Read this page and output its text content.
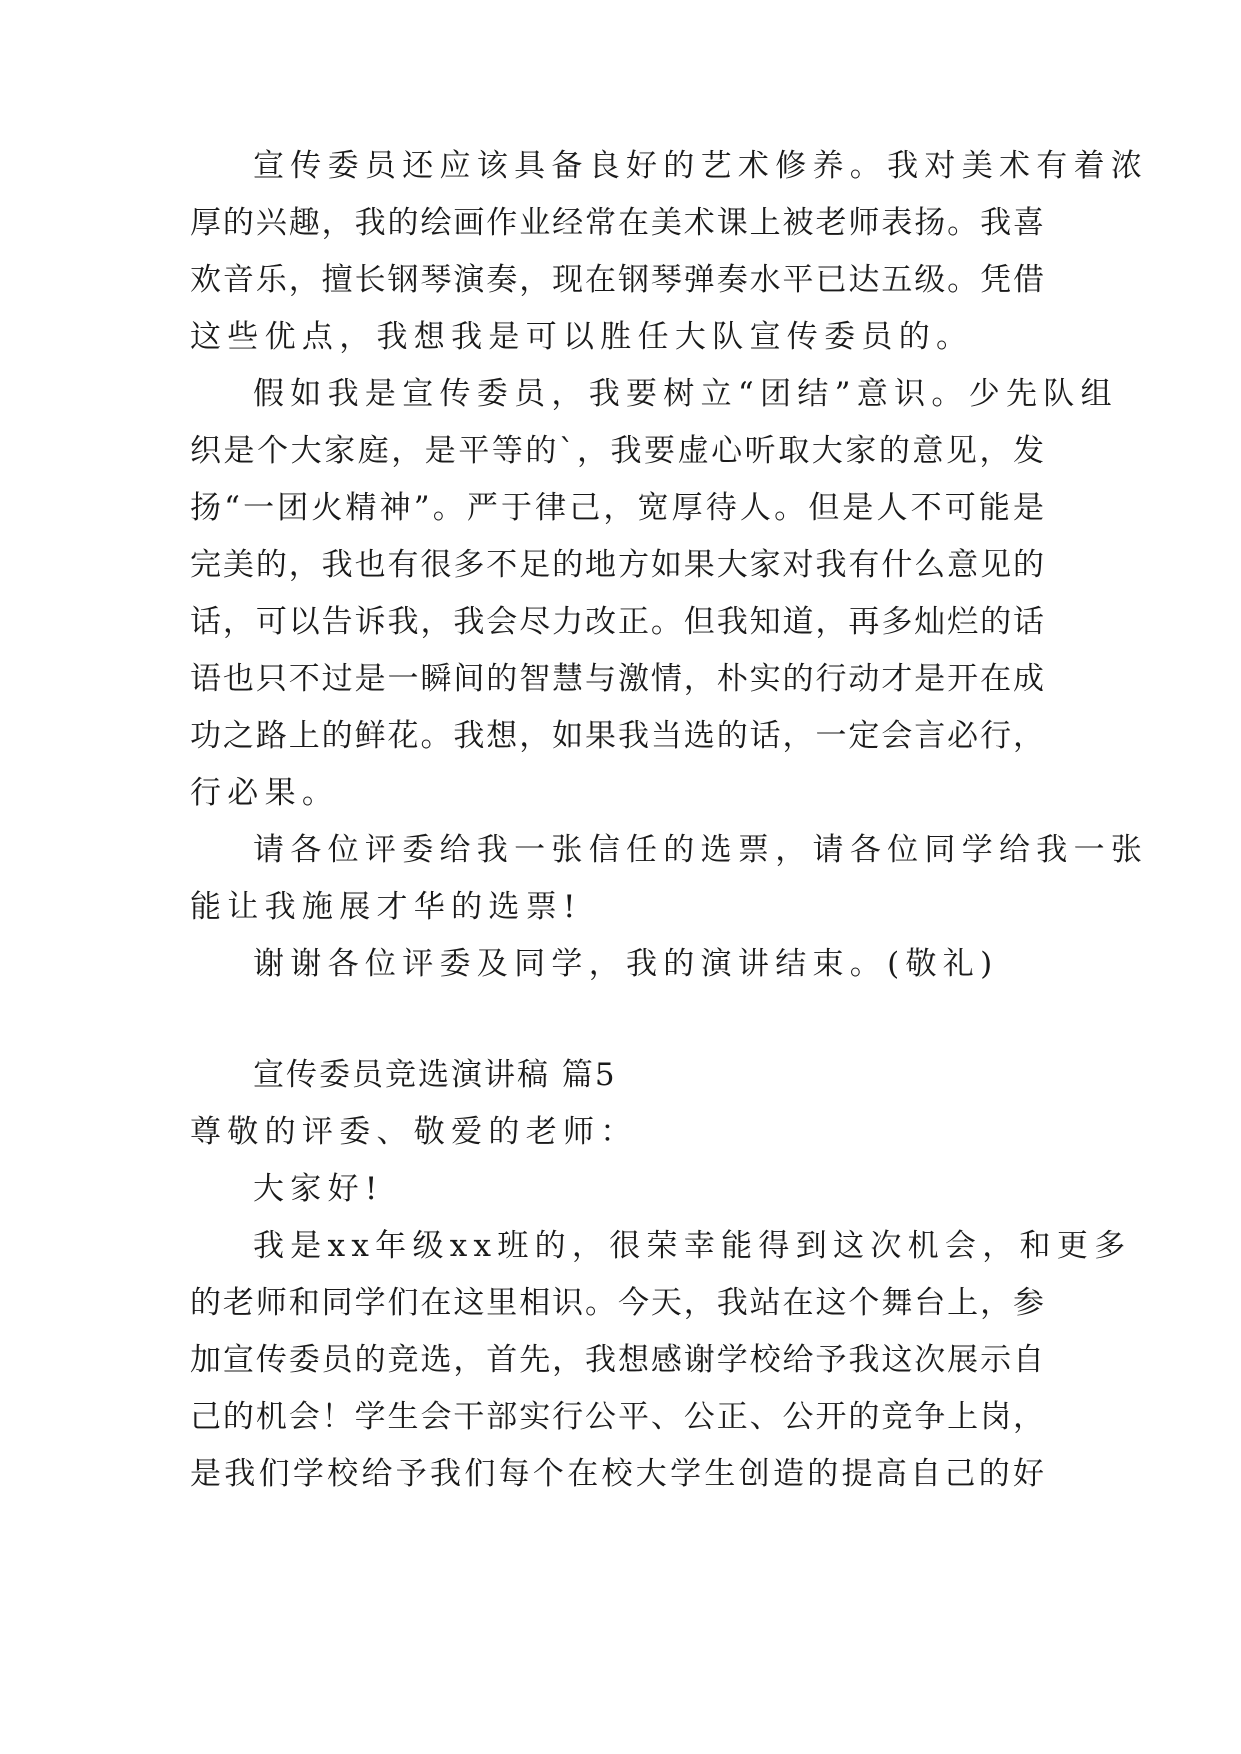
宣传委员还应该具备良好的艺术修养。我对美术有着浓
厚的兴趣，我的绘画作业经常在美术课上被老师表扬。我喜
欢音乐，擅长钢琴演奏，现在钢琴弹奏水平已达五级。凭借
这些优点，我想我是可以胜任大队宣传委员的。
假如我是宣传委员，我要树立“团结”意识。少先队组
织是个大家庭，是平等的`，我要虚心听取大家的意见，发
扬“一团火精神”。严于律己，宽厚待人。但是人不可能是
完美的，我也有很多不足的地方如果大家对我有什么意见的
话，可以告诉我，我会尽力改正。但我知道，再多灿烂的话
语也只不过是一瞬间的智慧与激情，朴实的行动才是开在成
功之路上的鲜花。我想，如果我当选的话，一定会言必行，
行必果。
请各位评委给我一张信任的选票，请各位同学给我一张
能让我施展才华的选票!
谢谢各位评委及同学，我的演讲结束。(敬礼)
宣传委员竞选演讲稿 篇5
尊敬的评委、敬爱的老师：
大家好!
我是xx年级xx班的，很荣幸能得到这次机会，和更多
的老师和同学们在这里相识。今天，我站在这个舞台上，参
加宣传委员的竞选，首先，我想感谢学校给予我这次展示自
己的机会！学生会干部实行公平、公正、公开的竞争上岗，
是我们学校给予我们每个在校大学生创造的提高自己的好
